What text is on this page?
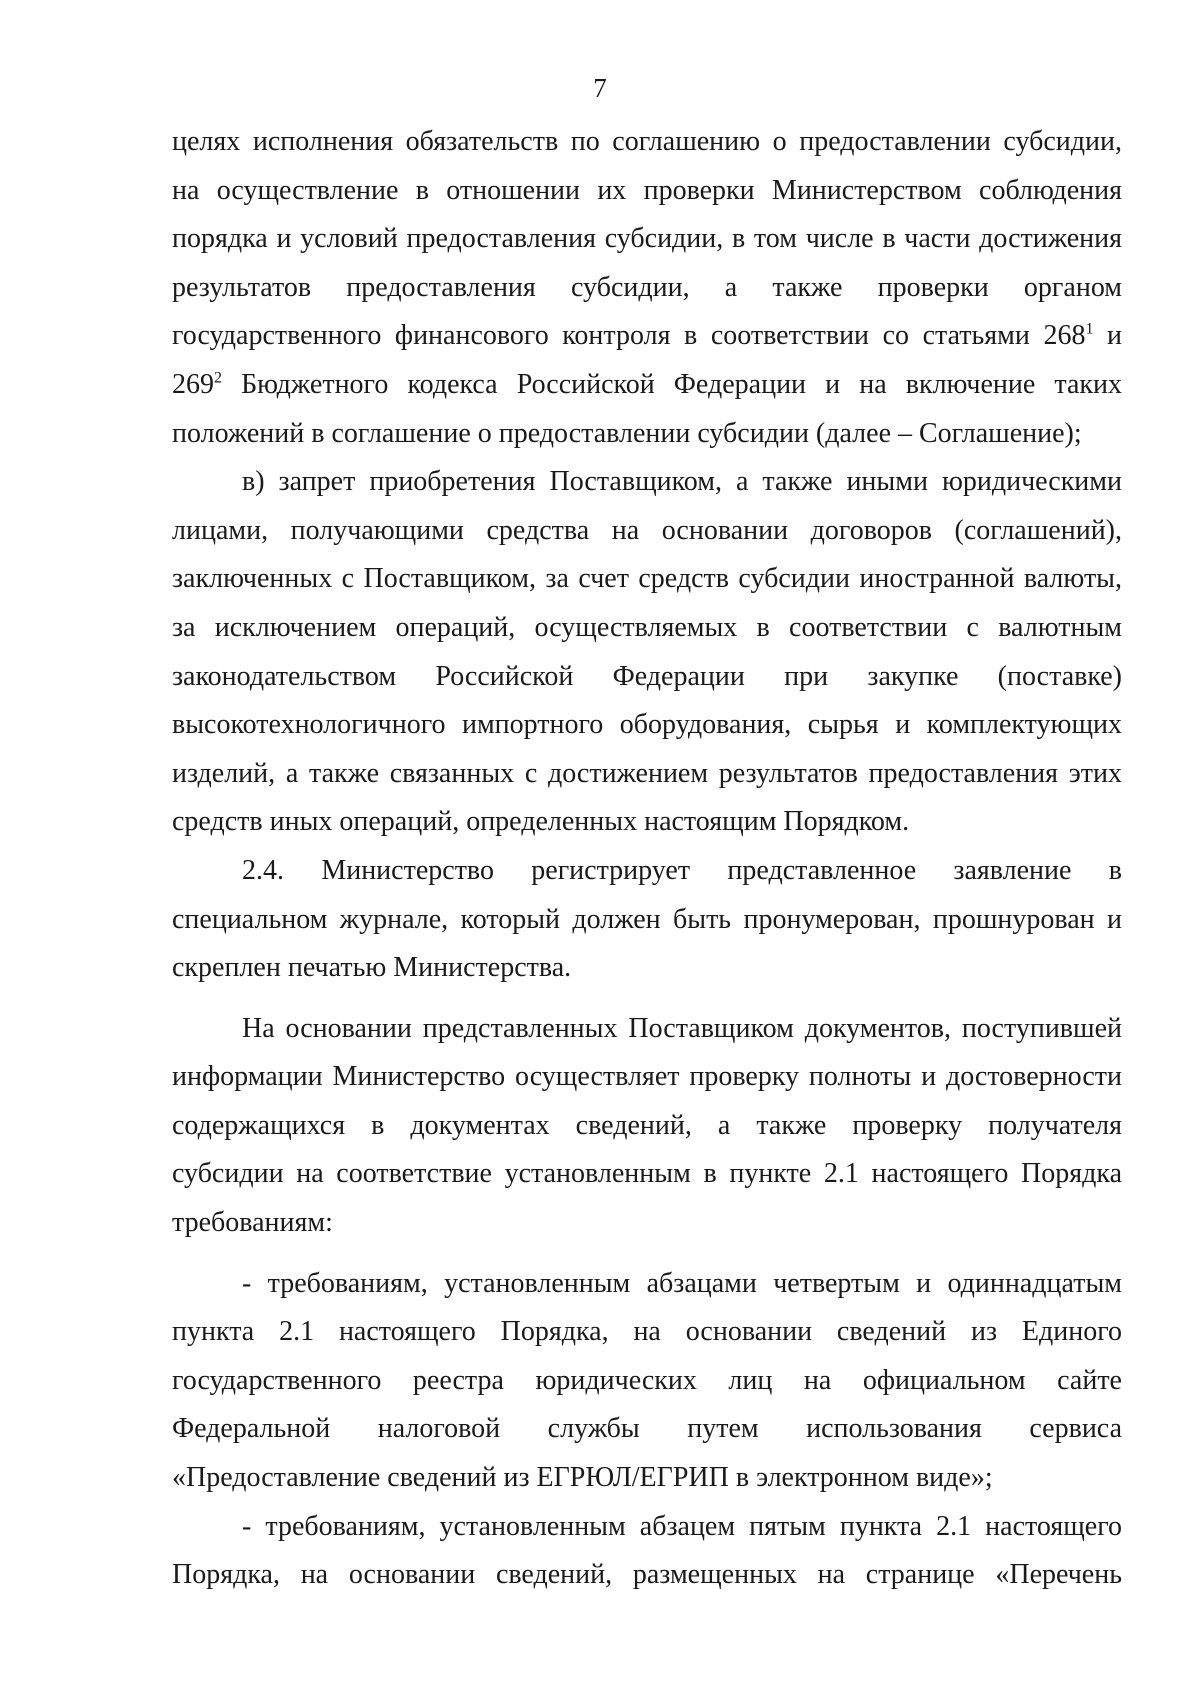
7
целях исполнения обязательств по соглашению о предоставлении субсидии,
на осуществление в отношении их проверки Министерством соблюдения
порядка и условий предоставления субсидии, в том числе в части достижения
результатов предоставления субсидии, а также проверки органом
государственного финансового контроля в соответствии со статьями $268^1$ и
$269^2$ Бюджетного кодекса Российской Федерации и на включение таких
положений в соглашение о предоставлении субсидии (далее – Соглашение);
в) запрет приобретения Поставщиком, а также иными юридическими
лицами, получающими средства на основании договоров (соглашений),
заключенных с Поставщиком, за счет средств субсидии иностранной валюты,
за исключением операций, осуществляемых в соответствии с валютным
законодательством Российской Федерации при закупке (поставке)
высокотехнологичного импортного оборудования, сырья и комплектующих
изделий, а также связанных с достижением результатов предоставления этих
средств иных операций, определенных настоящим Порядком.
2.4. Министерство регистрирует представленное заявление в
специальном журнале, который должен быть пронумерован, прошнурован и
скреплен печатью Министерства.
На основании представленных Поставщиком документов, поступившей
информации Министерство осуществляет проверку полноты и достоверности
содержащихся в документах сведений, а также проверку получателя
субсидии на соответствие установленным в пункте 2.1 настоящего Порядка
требованиям:
- требованиям, установленным абзацами четвертым и одиннадцатым
пункта 2.1 настоящего Порядка, на основании сведений из Единого
государственного реестра юридических лиц на официальном сайте
Федеральной налоговой службы путем использования сервиса
«Предоставление сведений из ЕГРЮЛ/ЕГРИП в электронном виде»;
- требованиям, установленным абзацем пятым пункта 2.1 настоящего
Порядка, на основании сведений, размещенных на странице «Перечень
